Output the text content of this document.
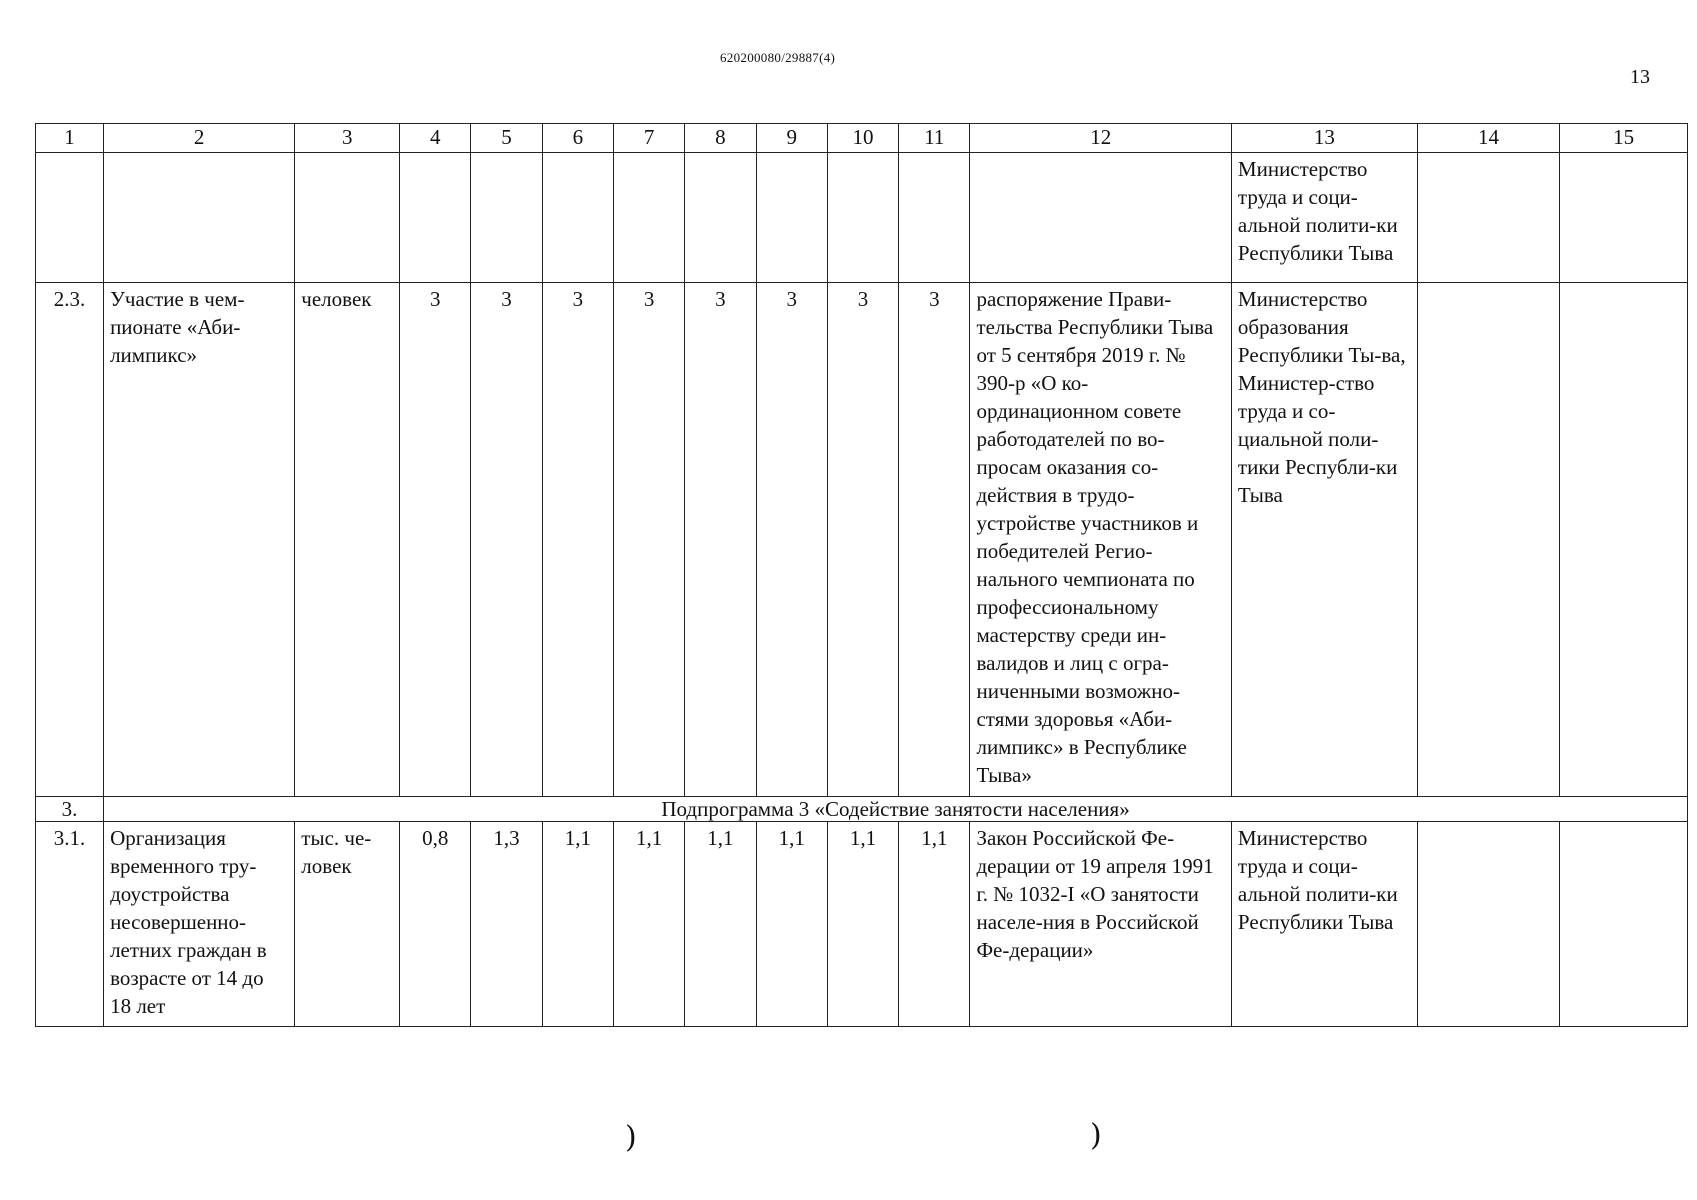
620200080/29887(4)
13
1	2	3	4	5	6	7	8	9	10	11	12	13	14	15
												Министерство труда и соци-альной полити-ки Республики Тыва		
2.3.	Участие в чем-пионате «Аби-лимпикс»	человек	3	3	3	3	3	3	3	3	распоряжение Прави-тельства Республики Тыва от 5 сентября 2019 г. № 390-р «О ко-ординационном совете работодателей по во-просам оказания со-действия в трудо-устройстве участников и победителей Регио-нального чемпионата по профессиональному мастерству среди ин-валидов и лиц с огра-ниченными возможно-стями здоровья «Аби-лимпикс» в Республике Тыва»	Министерство образования Республики Ты-ва, Министер-ство труда и со-циальной поли-тики Республи-ки Тыва		
3.	Подпрограмма 3 «Содействие занятости населения»													
3.1.	Организация временного тру-доустройства несовершенно-летних граждан в возрасте от 14 до 18 лет	тыс. че-ловек	0,8	1,3	1,1	1,1	1,1	1,1	1,1	1,1	Закон Российской Фе-дерации от 19 апреля 1991 г. № 1032-I «О занятости населе-ния в Российской Фе-дерации»	Министерство труда и соци-альной полити-ки Республики Тыва		
)	)
